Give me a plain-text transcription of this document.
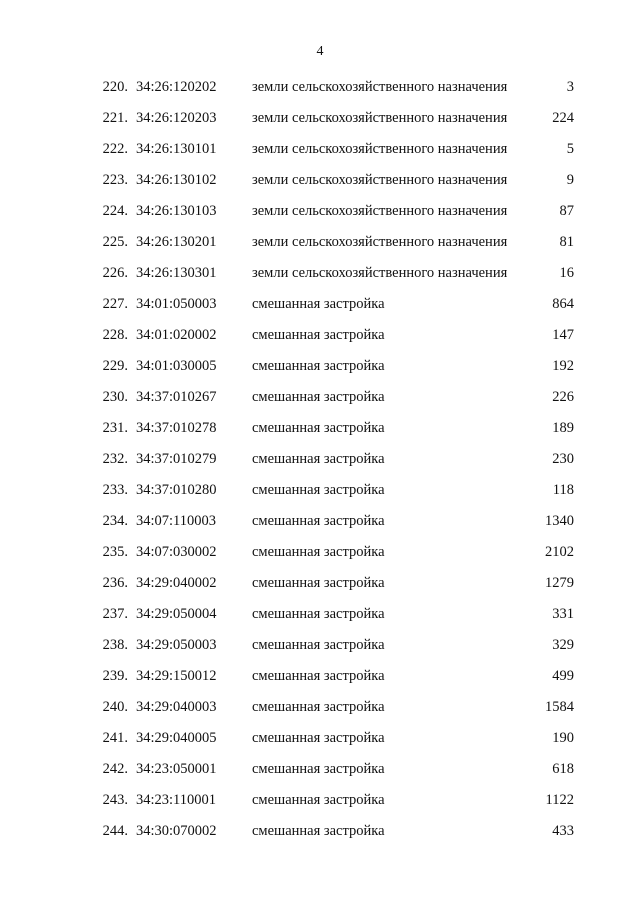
4
220. 34:26:120202 земли сельскохозяйственного назначения	3
221. 34:26:120203 земли сельскохозяйственного назначения	224
222. 34:26:130101 земли сельскохозяйственного назначения	5
223. 34:26:130102 земли сельскохозяйственного назначения	9
224. 34:26:130103 земли сельскохозяйственного назначения	87
225. 34:26:130201 земли сельскохозяйственного назначения	81
226. 34:26:130301 земли сельскохозяйственного назначения	16
227. 34:01:050003 смешанная застройка	864
228. 34:01:020002 смешанная застройка	147
229. 34:01:030005 смешанная застройка	192
230. 34:37:010267 смешанная застройка	226
231. 34:37:010278 смешанная застройка	189
232. 34:37:010279 смешанная застройка	230
233. 34:37:010280 смешанная застройка	118
234. 34:07:110003 смешанная застройка	1340
235. 34:07:030002 смешанная застройка	2102
236. 34:29:040002 смешанная застройка	1279
237. 34:29:050004 смешанная застройка	331
238. 34:29:050003 смешанная застройка	329
239. 34:29:150012 смешанная застройка	499
240. 34:29:040003 смешанная застройка	1584
241. 34:29:040005 смешанная застройка	190
242. 34:23:050001 смешанная застройка	618
243. 34:23:110001 смешанная застройка	1122
244. 34:30:070002 смешанная застройка	433
